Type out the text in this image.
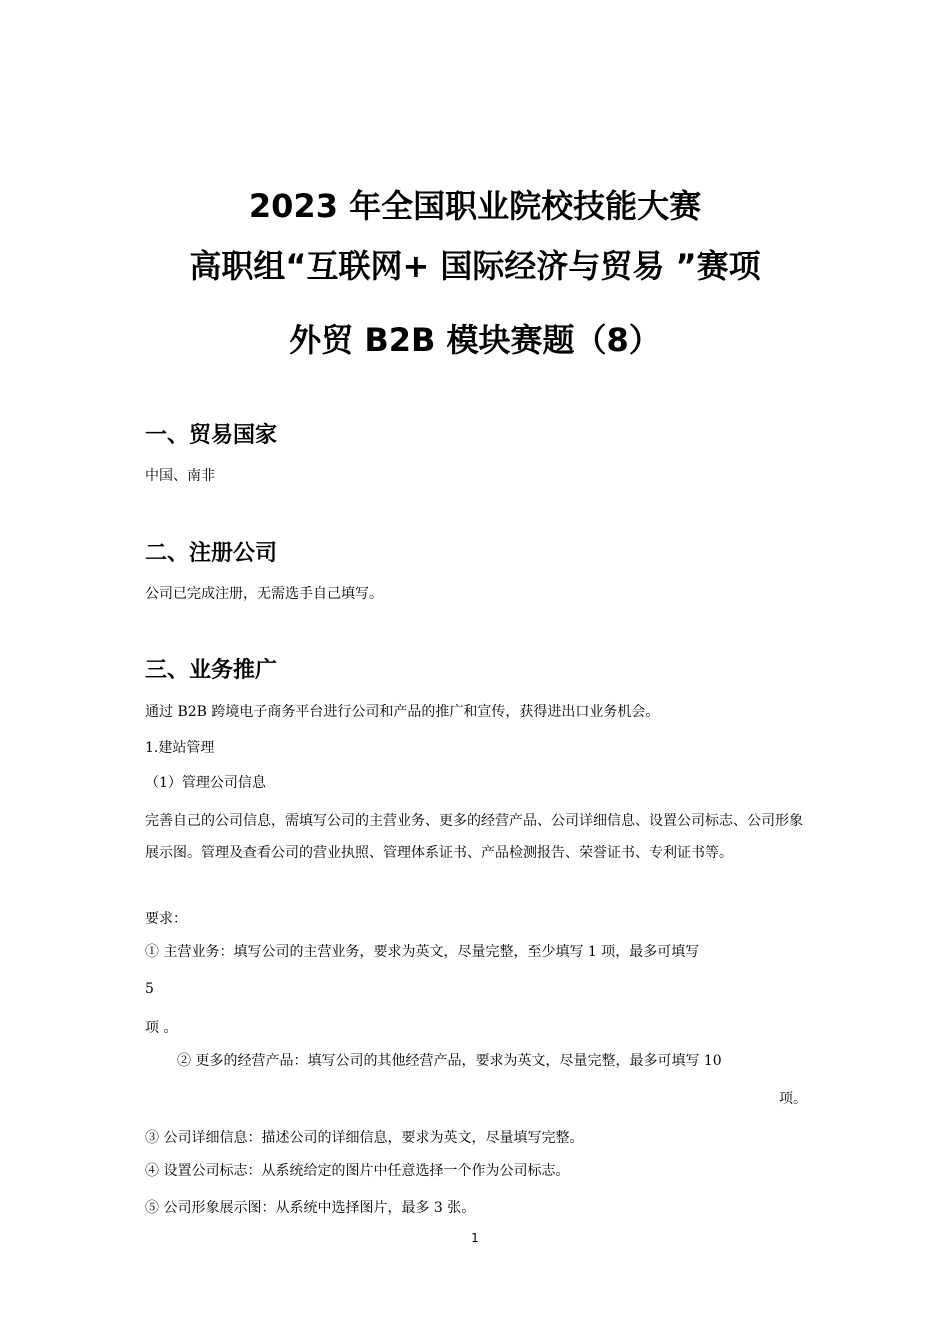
2023 年全国职业院校技能大赛
高职组“互联网+ 国际经济与贸易 ”赛项
外贸 B2B 模块赛题（8）
一、贸易国家
中国、南非
二、注册公司
公司已完成注册，无需选手自己填写。
三、业务推广
通过 B2B 跨境电子商务平台进行公司和产品的推广和宣传，获得进出口业务机会。
1.建站管理
（1）管理公司信息
完善自己的公司信息，需填写公司的主营业务、更多的经营产品、公司详细信息、设置公司标志、公司形象展示图。管理及查看公司的营业执照、管理体系证书、产品检测报告、荣誉证书、专利证书等。
要求：
① 主营业务：填写公司的主营业务，要求为英文，尽量完整，至少填写 1 项，最多可填写
5
项 。
② 更多的经营产品：填写公司的其他经营产品，要求为英文，尽量完整，最多可填写 10
项。
③ 公司详细信息：描述公司的详细信息，要求为英文，尽量填写完整。
④ 设置公司标志：从系统给定的图片中任意选择一个作为公司标志。
⑤ 公司形象展示图：从系统中选择图片，最多 3 张。
1
